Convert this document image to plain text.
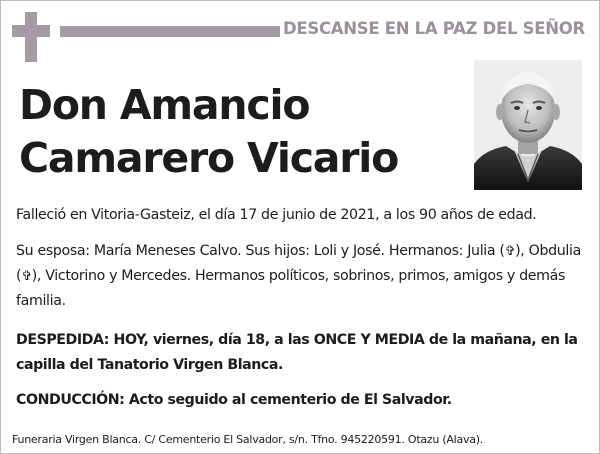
DESCANSE EN LA PAZ DEL SEÑOR
Don Amancio
Camarero Vicario
Falleció en Vitoria-Gasteiz, el día 17 de junio de 2021, a los 90 años de edad.
Su esposa: María Meneses Calvo. Sus hijos: Loli y José. Hermanos: Julia (✞), Obdulia (✞), Victorino y Mercedes. Hermanos políticos, sobrinos, primos, amigos y demás familia.
DESPEDIDA: HOY, viernes, día 18, a las ONCE Y MEDIA de la mañana, en la capilla del Tanatorio Virgen Blanca.
CONDUCCIÓN: Acto seguido al cementerio de El Salvador.
Funeraria Virgen Blanca. C/ Cementerio El Salvador, s/n. Tfno. 945220591. Otazu (Alava).
